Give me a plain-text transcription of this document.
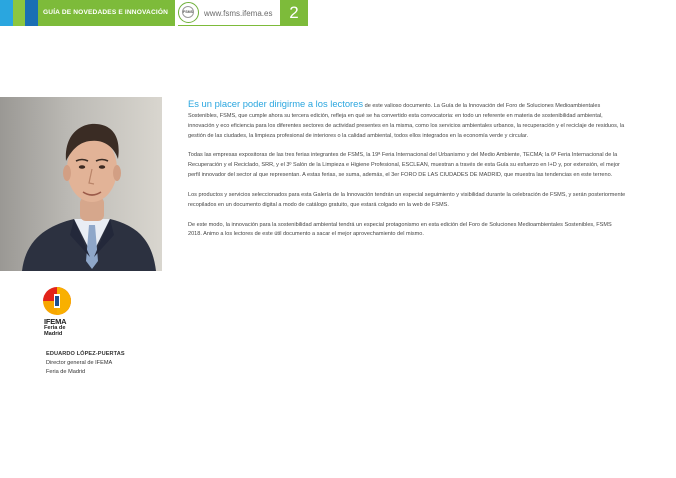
GUÍA DE NOVEDADES E INNOVACIÓN	FSMS	www.fsms.ifema.es 2
IFEMA
Feria de Madrid
EDUARDO LÓPEZ-PUERTAS
Director general de IFEMA
Feria de Madrid

Es un placer poder dirigirme a los lectores de este valioso documento. La Guía de la Innovación del Foro de Soluciones Medioambientales Sostenibles, FSMS, que cumple ahora su tercera edición, refleja en qué se ha convertido esta convocatoria: en todo un referente en materia de sostenibilidad ambiental, innovación y eco eficiencia para los diferentes sectores de actividad presentes en la misma, como los servicios ambientales urbanos, la recuperación y el reciclaje de residuos, la gestión de las ciudades, la limpieza profesional de interiores o la calidad ambiental, todos ellos integrados en la economía verde y circular.

Todas las empresas expositoras de las tres ferias integrantes de FSMS, la 19ª Feria Internacional del Urbanismo y del Medio Ambiente, TECMA; la 6ª Feria Internacional de la Recuperación y el Reciclado, SRR, y el 3º Salón de la Limpieza e Higiene Profesional, ESCLEAN, muestran a través de esta Guía su esfuerzo en I+D y, por extensión, el mejor perfil innovador del sector al que representan. A estas ferias, se suma, además, el 3er FORO DE LAS CIUDADES DE MADRID, que muestra las tendencias en este terreno.

Los productos y servicios seleccionados para esta Galería de la Innovación tendrán un especial seguimiento y visibilidad durante la celebración de FSMS, y serán posteriormente recopilados en un documento digital a modo de catálogo gratuito, que estará colgado en la web de FSMS.

De este modo, la innovación para la sostenibilidad ambiental tendrá un especial protagonismo en esta edición del Foro de Soluciones Medioambientales Sostenibles, FSMS 2018. Animo a los lectores de este útil documento a sacar el mejor aprovechamiento del mismo.
